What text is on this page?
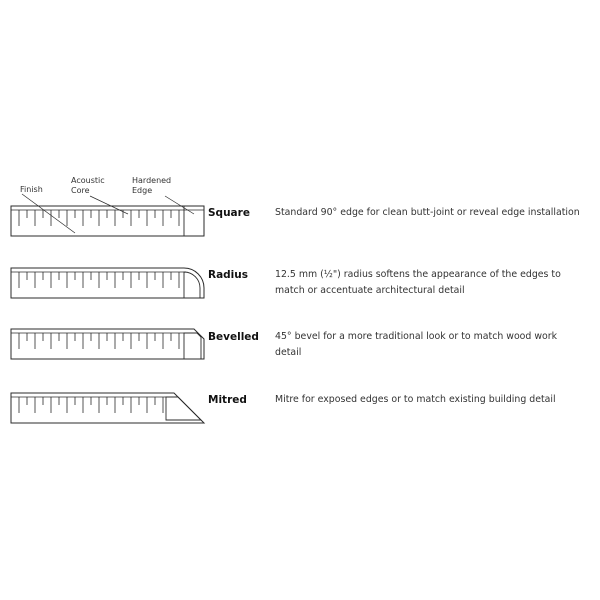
Finish
Acoustic
Core
Hardened
Edge
Square	Standard 90° edge for clean butt-joint or reveal edge installation
Radius	12.5 mm (½") radius softens the appearance of the edges to match or accentuate architectural detail
Bevelled 45° bevel for a more traditional look or to match wood work detail
Mitred	Mitre for exposed edges or to match existing building detail
